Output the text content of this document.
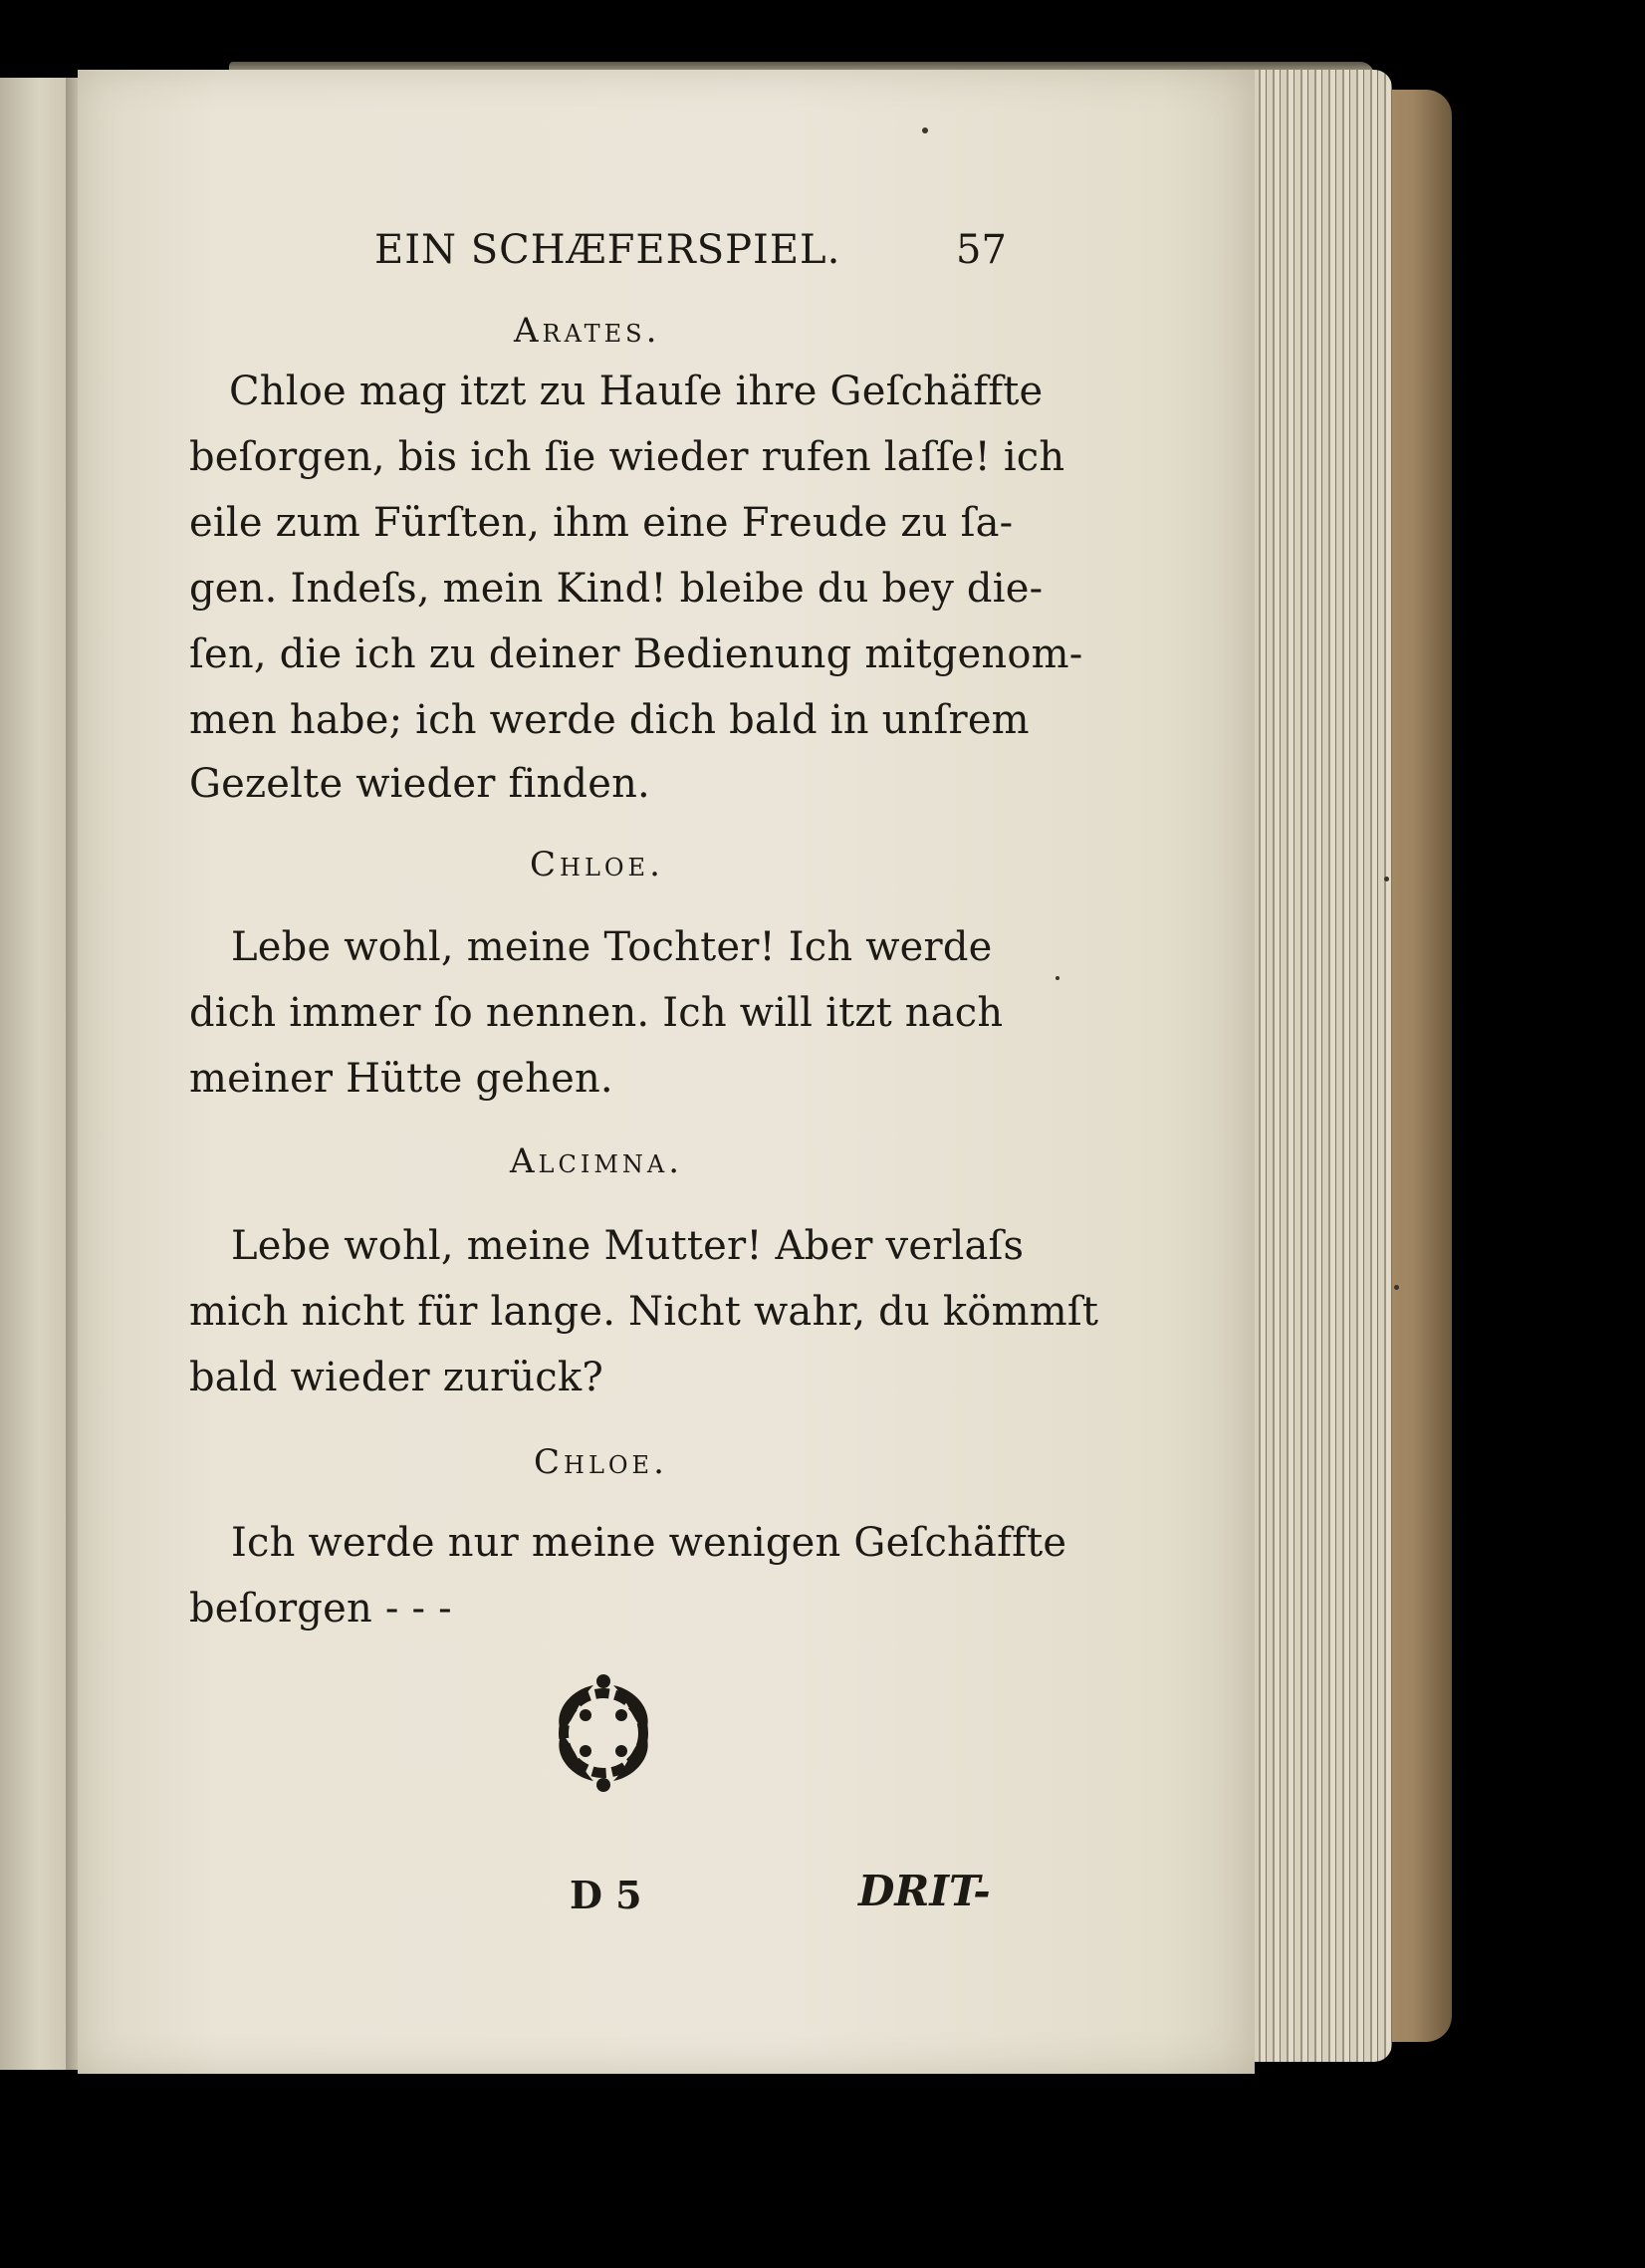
EIN SCHÆFERSPIEL.	57
Arates.
Chloe mag itzt zu Hauſe ihre Geſchäffte
beſorgen, bis ich ſie wieder rufen laſſe! ich
eile zum Fürſten, ihm eine Freude zu ſa-
gen. Indeſs, mein Kind! bleibe du bey die-
ſen, die ich zu deiner Bedienung mitgenom-
men habe; ich werde dich bald in unſrem
Gezelte wieder finden.
Chloe.
Lebe wohl, meine Tochter! Ich werde
dich immer ſo nennen. Ich will itzt nach
meiner Hütte gehen.
Alcimna.
Lebe wohl, meine Mutter! Aber verlaſs
mich nicht für lange. Nicht wahr, du kömmſt
bald wieder zurück?
Chloe.
Ich werde nur meine wenigen Geſchäffte
beſorgen - - -
D 5	DRIT-
